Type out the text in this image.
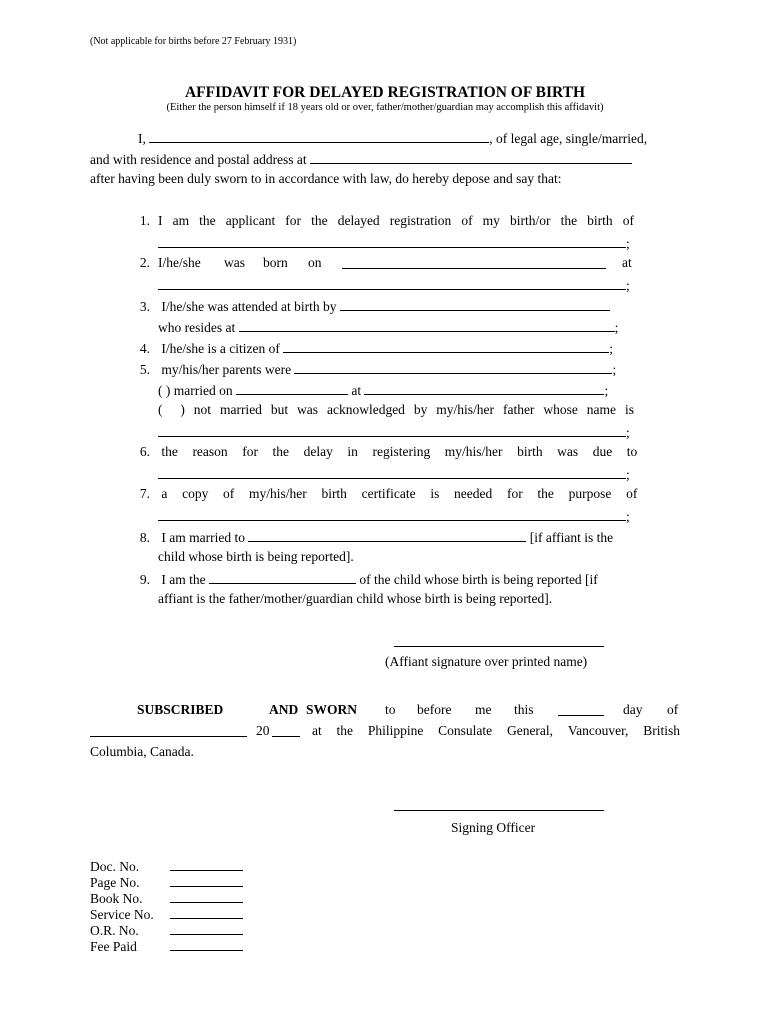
(Not applicable for births before 27 February 1931)
AFFIDAVIT FOR DELAYED REGISTRATION OF BIRTH
(Either the person himself if 18 years old or over, father/mother/guardian may accomplish this affidavit)
I,	, of legal age, single/married,
and with residence and postal address at
after having been duly sworn to in accordance with law, do hereby depose and say that:
1. I am the applicant for the delayed registration of my birth/or the birth of
;
2. I/he/she was born on	at
;
3. I/he/she was attended at birth by
who resides at	;
4. I/he/she is a citizen of	;
5. my/his/her parents were	;
( ) married on	at	;
( ) not married but was acknowledged by my/his/her father whose name is
;
6. the reason for the delay in registering my/his/her birth was due to
;
7. a copy of my/his/her birth certificate is needed for the purpose of
;
8. I am married to	[if affiant is the
child whose birth is being reported].
9. I am the	of the child whose birth is being reported [if
affiant is the father/mother/guardian child whose birth is being reported].
(Affiant signature over printed name)
SUBSCRIBED	AND SWORN to before me this	day of
20	at the Philippine Consulate General, Vancouver, British
Columbia, Canada.
Signing Officer
Doc. No.
Page No.
Book No.
Service No.
O.R. No.
Fee Paid
